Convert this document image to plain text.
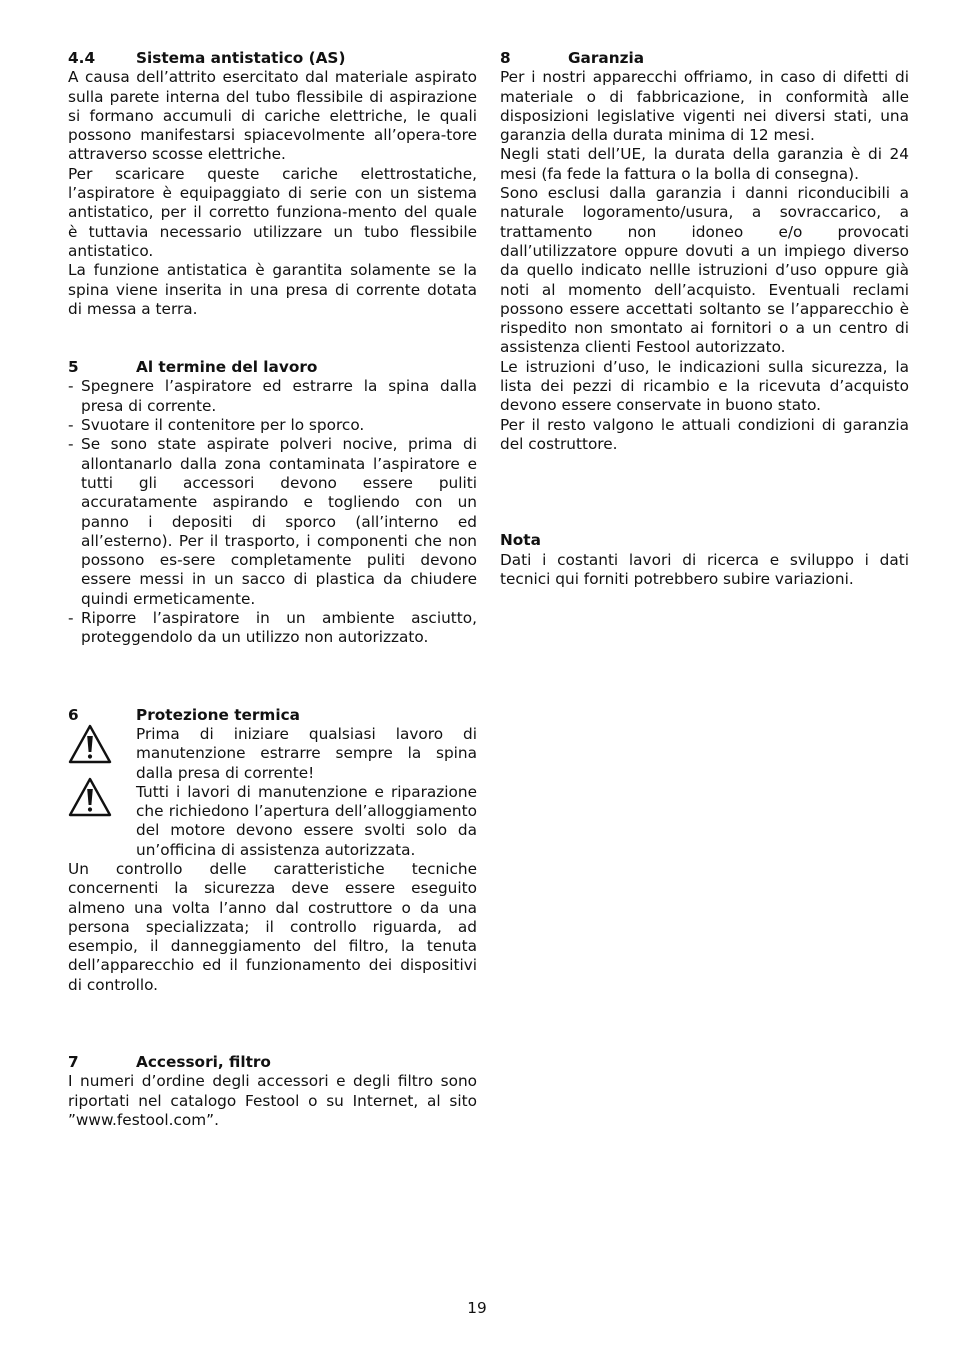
4.4	Sistema antistatico (AS)

A causa dell’attrito esercitato dal materiale aspirato sulla parete interna del tubo flessibile di aspirazione si formano accumuli di cariche elettriche, le quali possono manifestarsi spiacevolmente all’opera-tore attraverso scosse elettriche.

Per scaricare queste cariche elettrostatiche, l’aspiratore è equipaggiato di serie con un sistema antistatico, per il corretto funziona-mento del quale è tuttavia necessario utilizzare un tubo flessibile antistatico.

La funzione antistatica è garantita solamente se la spina viene inserita in una presa di corrente dotata di messa a terra.

5	Al termine del lavoro
- Spegnere l’aspiratore ed estrarre la spina dalla presa di corrente.
- Svuotare il contenitore per lo sporco.
- Se sono state aspirate polveri nocive, prima di allontanarlo dalla zona contaminata l’aspiratore e tutti gli accessori devono essere puliti accuratamente aspirando e togliendo con un panno i depositi di sporco (all’interno ed all’esterno). Per il trasporto, i componenti che non possono es-sere completamente puliti devono essere messi in un sacco di plastica da chiudere quindi ermeticamente.
- Riporre l’aspiratore in un ambiente asciutto, proteggendolo da un utilizzo non autorizzato.
6	Protezione termica

Prima di iniziare qualsiasi lavoro di manutenzione estrarre sempre la spina dalla presa di corrente!

Tutti i lavori di manutenzione e riparazione che richiedono l’apertura dell’alloggiamento del motore devono essere svolti solo da un’officina di assistenza autorizzata.

Un controllo delle caratteristiche tecniche concernenti la sicurezza deve essere eseguito almeno una volta l’anno dal costruttore o da una persona specializzata; il controllo riguarda, ad esempio, il danneggiamento del filtro, la tenuta dell’apparecchio ed il funzionamento dei dispositivi di controllo.

7	Accessori, filtro

I numeri d’ordine degli accessori e degli filtro sono riportati nel catalogo Festool o su Internet, al sito ”www.festool.com”.

8	Garanzia

Per i nostri apparecchi offriamo, in caso di difetti di materiale o di fabbricazione, in conformità alle disposizioni legislative vigenti nei diversi stati, una garanzia della durata minima di 12 mesi.

Negli stati dell’UE, la durata della garanzia è di 24 mesi (fa fede la fattura o la bolla di consegna).

Sono esclusi dalla garanzia i danni riconducibili a naturale logoramento/usura, a sovraccarico, a trattamento non idoneo e/o provocati dall’utilizzatore oppure dovuti a un impiego diverso da quello indicato nellle istruzioni d’uso oppure già noti al momento dell’acquisto. Eventuali reclami possono essere accettati soltanto se l’apparecchio è rispedito non smontato ai fornitori o a un centro di assistenza clienti Festool autorizzato.

Le istruzioni d’uso, le indicazioni sulla sicurezza, la lista dei pezzi di ricambio e la ricevuta d’acquisto devono essere conservate in buono stato.

Per il resto valgono le attuali condizioni di garanzia del costruttore.

Nota

Dati i costanti lavori di ricerca e sviluppo i dati tecnici qui forniti potrebbero subire variazioni.

19
